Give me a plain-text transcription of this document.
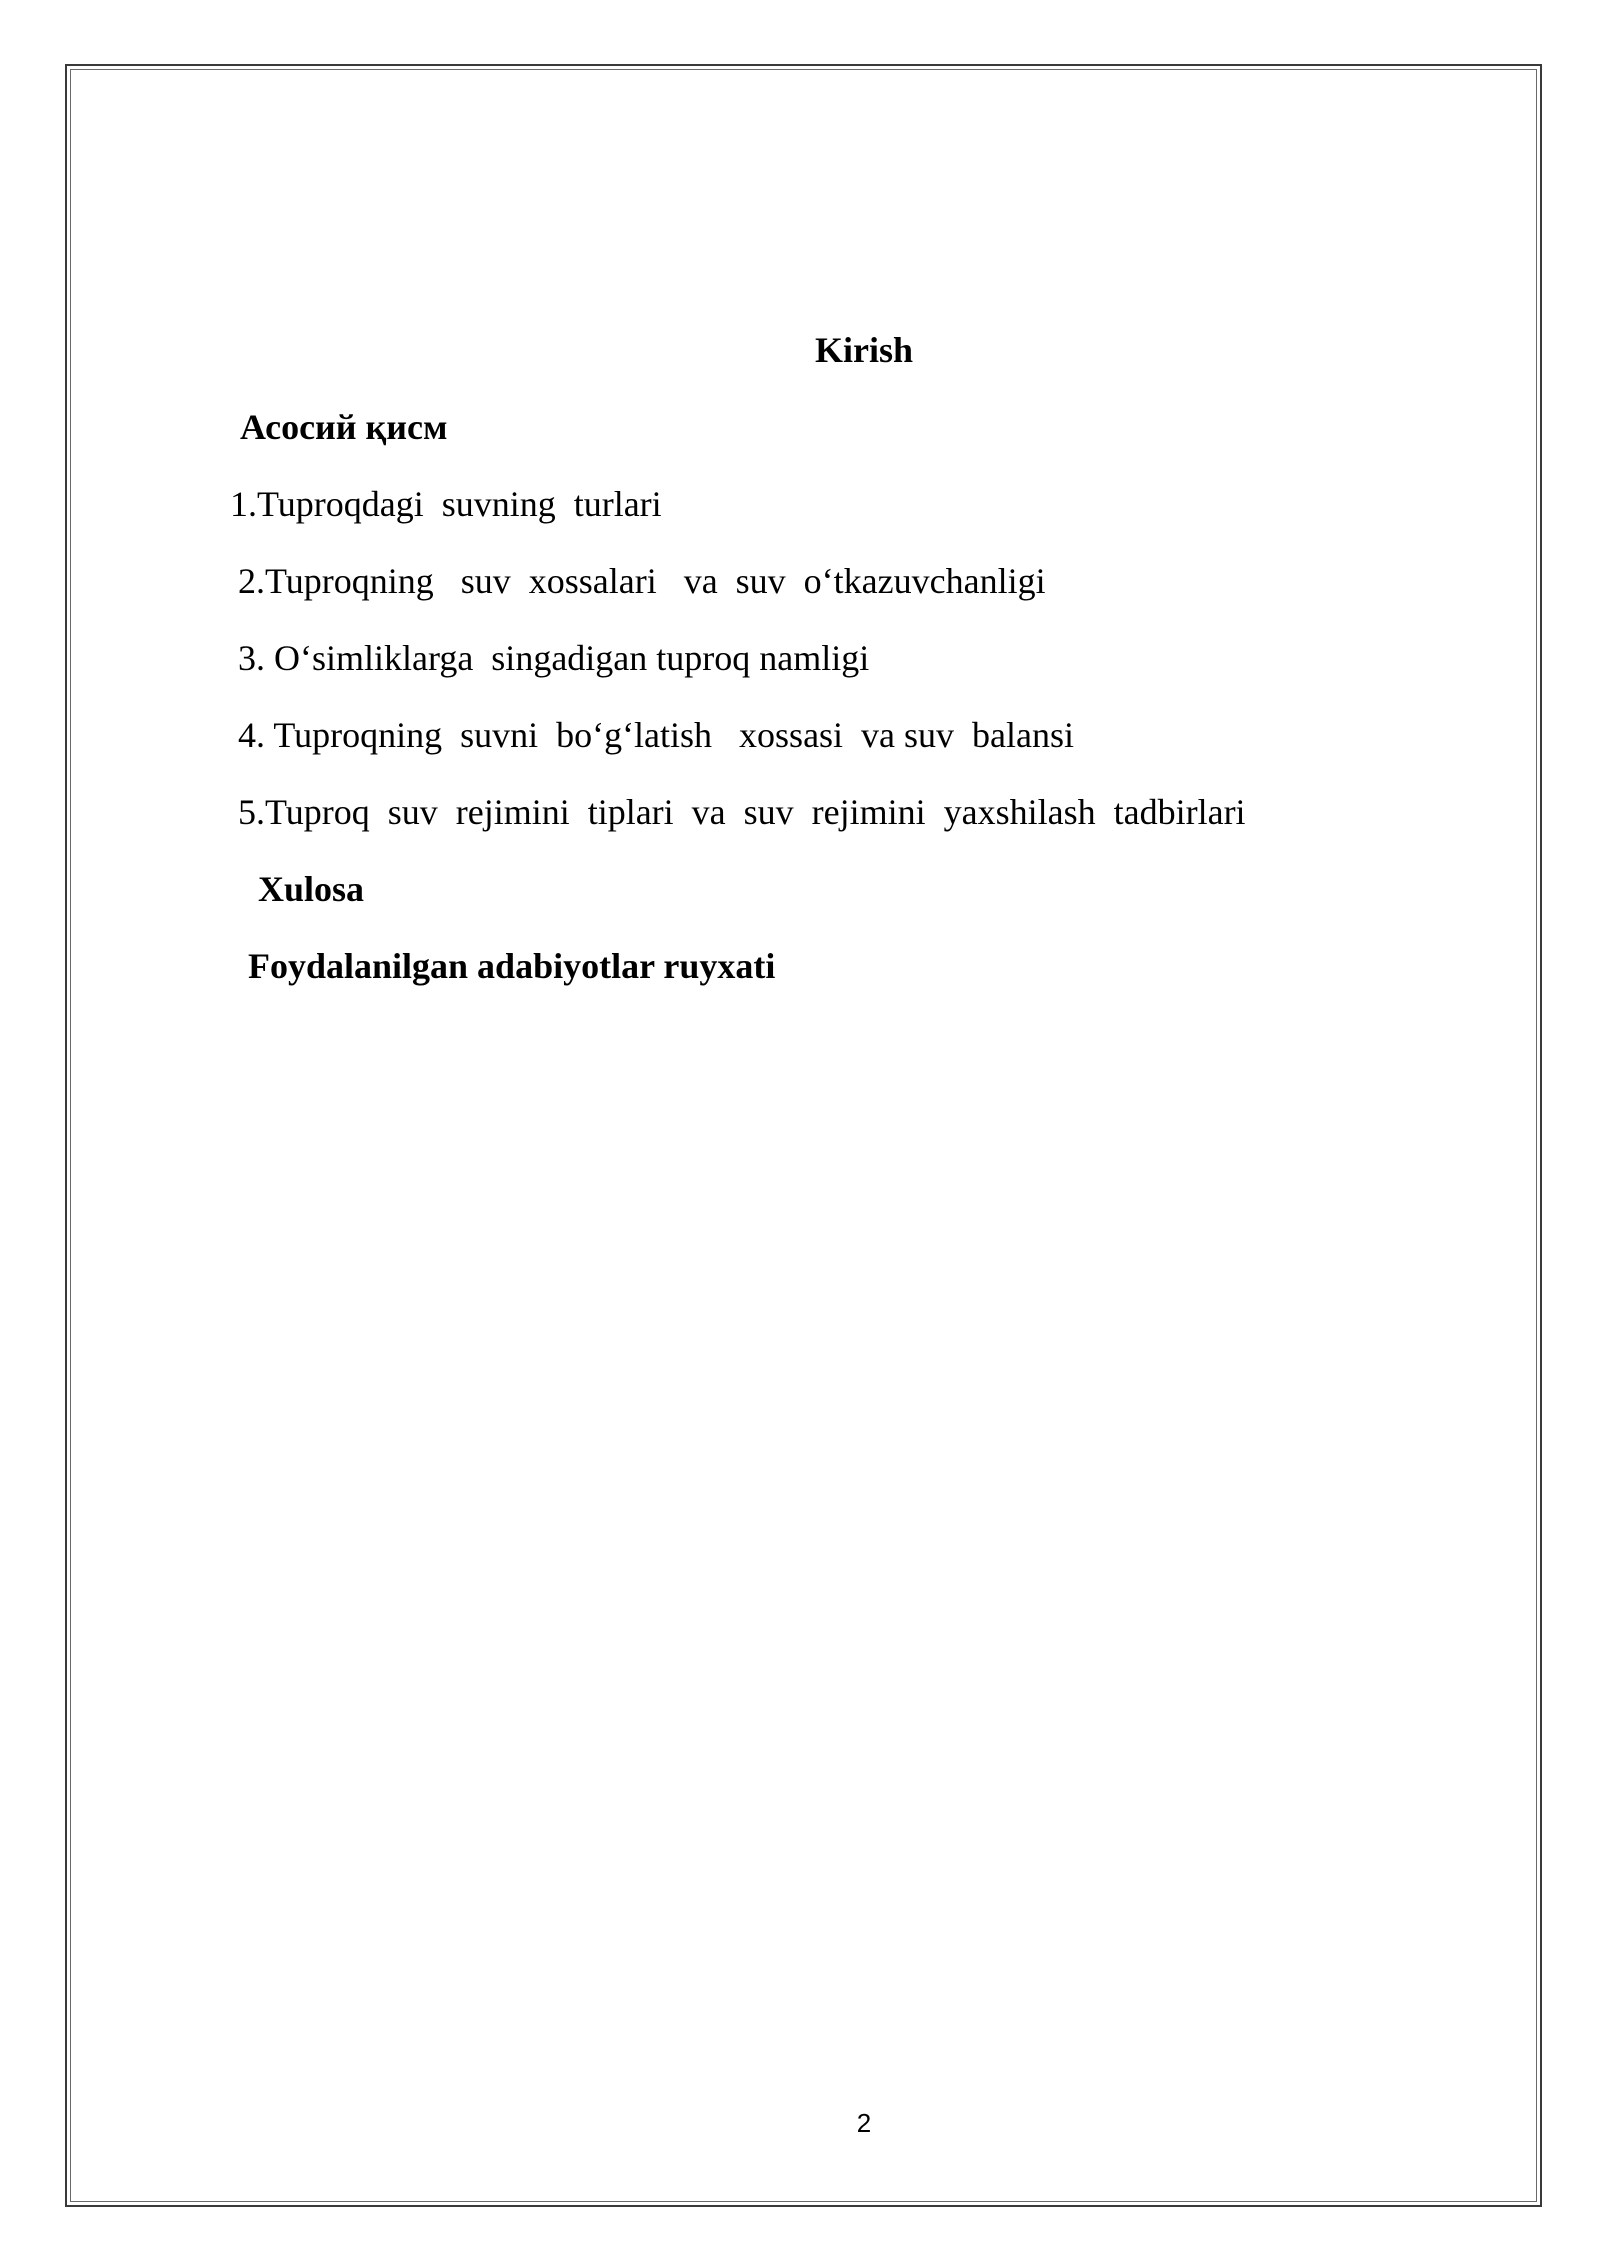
Kirish

Асосий қисм

1.Tuproqdagi  suvning  turlari

2.Tuproqning   suv  xossalari   va  suv  o‘tkazuvchanligi

3. O‘simliklarga  singadigan tuproq namligi

4. Tuproqning  suvni  bo‘g‘latish   xossasi  va suv  balansi

5.Tuproq  suv  rejimini  tiplari  va  suv  rejimini  yaxshilash  tadbirlari

Xulosa

Foydalanilgan adabiyotlar ruyxati

2
